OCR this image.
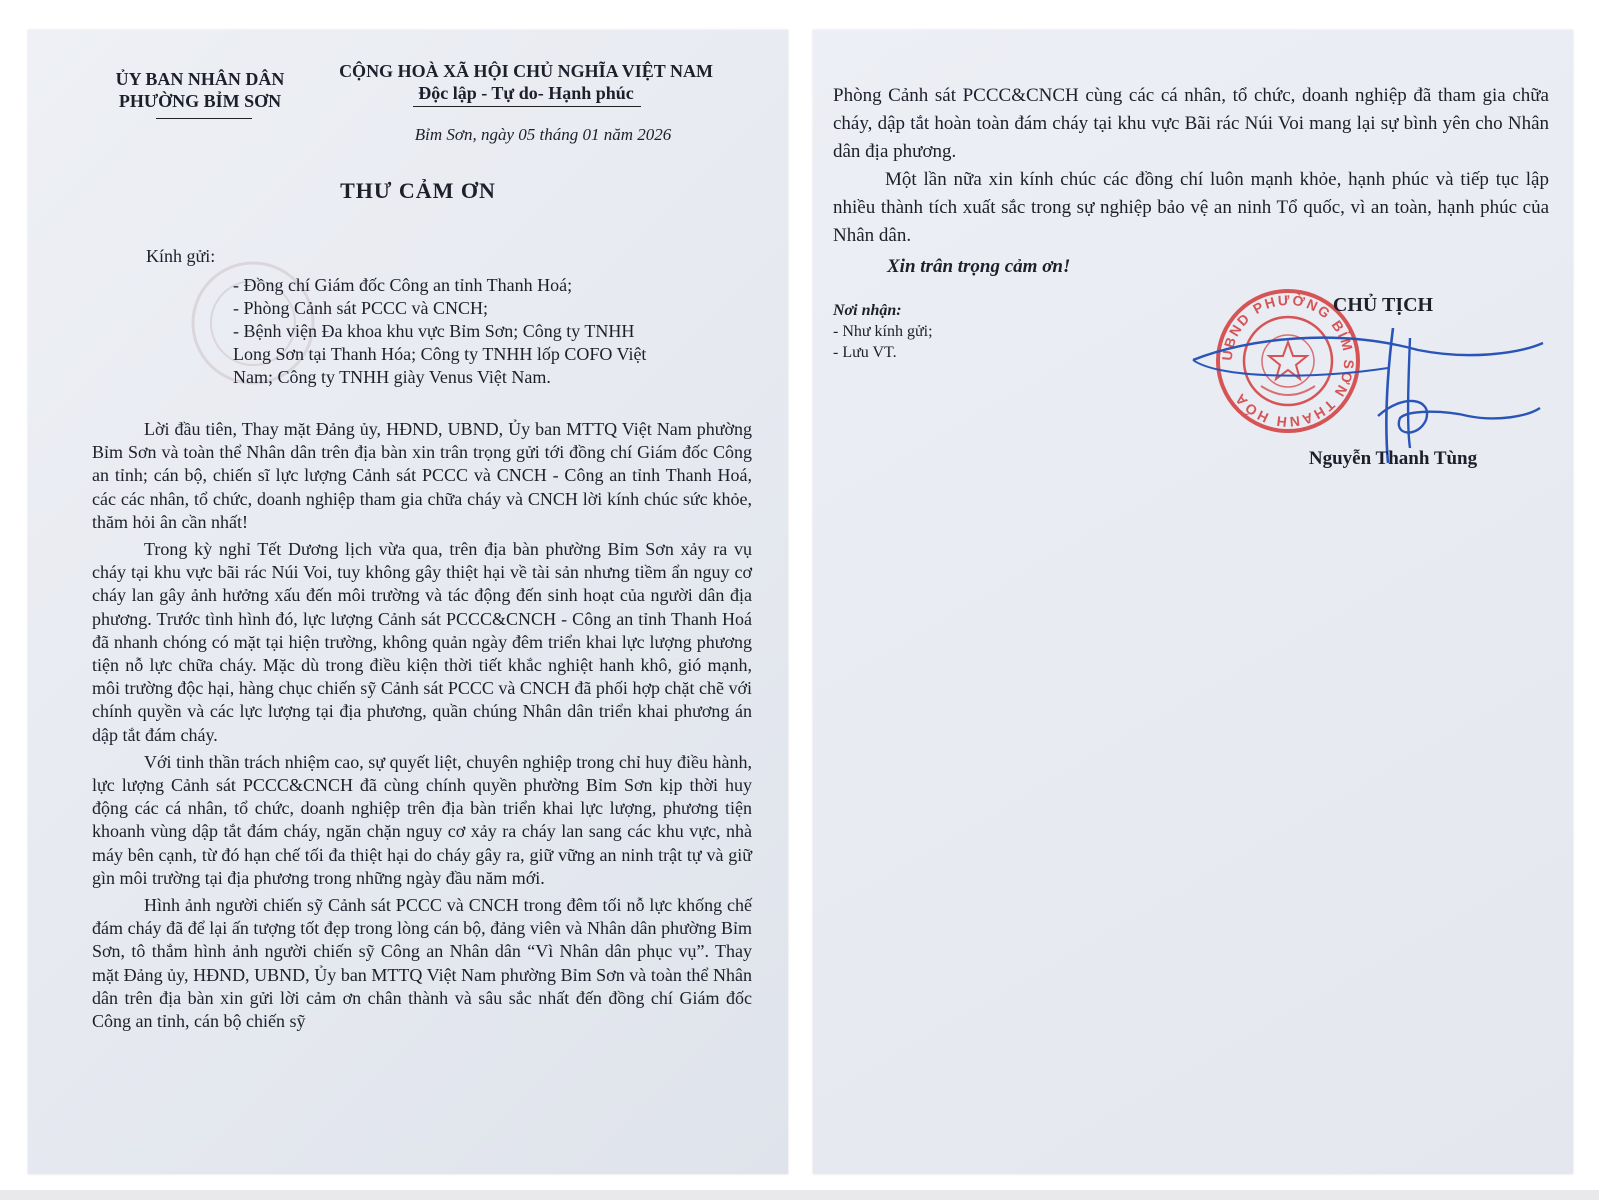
ỦY BAN NHÂN DÂN
PHƯỜNG BỈM SƠN
CỘNG HOÀ XÃ HỘI CHỦ NGHĨA VIỆT NAM
Độc lập - Tự do- Hạnh phúc
Bỉm Sơn, ngày 05 tháng 01 năm 2026
THƯ CẢM ƠN
Kính gửi:
- Đồng chí Giám đốc Công an tỉnh Thanh Hoá;
- Phòng Cảnh sát PCCC và CNCH;
- Bệnh viện Đa khoa khu vực Bỉm Sơn; Công ty TNHH
Long Sơn tại Thanh Hóa; Công ty TNHH lốp COFO Việt
Nam; Công ty TNHH giày Venus Việt Nam.

Lời đầu tiên, Thay mặt Đảng ủy, HĐND, UBND, Ủy ban MTTQ Việt Nam phường Bỉm Sơn và toàn thể Nhân dân trên địa bàn xin trân trọng gửi tới đồng chí Giám đốc Công an tỉnh; cán bộ, chiến sĩ lực lượng Cảnh sát PCCC và CNCH - Công an tỉnh Thanh Hoá, các các nhân, tổ chức, doanh nghiệp tham gia chữa cháy và CNCH lời kính chúc sức khỏe, thăm hỏi ân cần nhất!

Trong kỳ nghỉ Tết Dương lịch vừa qua, trên địa bàn phường Bỉm Sơn xảy ra vụ cháy tại khu vực bãi rác Núi Voi, tuy không gây thiệt hại về tài sản nhưng tiềm ẩn nguy cơ cháy lan gây ảnh hưởng xấu đến môi trường và tác động đến sinh hoạt của người dân địa phương. Trước tình hình đó, lực lượng Cảnh sát PCCC&CNCH - Công an tỉnh Thanh Hoá đã nhanh chóng có mặt tại hiện trường, không quản ngày đêm triển khai lực lượng phương tiện nỗ lực chữa cháy. Mặc dù trong điều kiện thời tiết khắc nghiệt hanh khô, gió mạnh, môi trường độc hại, hàng chục chiến sỹ Cảnh sát PCCC và CNCH đã phối hợp chặt chẽ với chính quyền và các lực lượng tại địa phương, quần chúng Nhân dân triển khai phương án dập tắt đám cháy.

Với tinh thần trách nhiệm cao, sự quyết liệt, chuyên nghiệp trong chỉ huy điều hành, lực lượng Cảnh sát PCCC&CNCH đã cùng chính quyền phường Bỉm Sơn kịp thời huy động các cá nhân, tổ chức, doanh nghiệp trên địa bàn triển khai lực lượng, phương tiện khoanh vùng dập tắt đám cháy, ngăn chặn nguy cơ xảy ra cháy lan sang các khu vực, nhà máy bên cạnh, từ đó hạn chế tối đa thiệt hại do cháy gây ra, giữ vững an ninh trật tự và giữ gìn môi trường tại địa phương trong những ngày đầu năm mới.

Hình ảnh người chiến sỹ Cảnh sát PCCC và CNCH trong đêm tối nỗ lực khống chế đám cháy đã để lại ấn tượng tốt đẹp trong lòng cán bộ, đảng viên và Nhân dân phường Bỉm Sơn, tô thắm hình ảnh người chiến sỹ Công an Nhân dân “Vì Nhân dân phục vụ”. Thay mặt Đảng ủy, HĐND, UBND, Ủy ban MTTQ Việt Nam phường Bỉm Sơn và toàn thể Nhân dân trên địa bàn xin gửi lời cảm ơn chân thành và sâu sắc nhất đến đồng chí Giám đốc Công an tỉnh, cán bộ chiến sỹ

Phòng Cảnh sát PCCC&CNCH cùng các cá nhân, tổ chức, doanh nghiệp đã tham gia chữa cháy, dập tắt hoàn toàn đám cháy tại khu vực Bãi rác Núi Voi mang lại sự bình yên cho Nhân dân địa phương.

Một lần nữa xin kính chúc các đồng chí luôn mạnh khỏe, hạnh phúc và tiếp tục lập nhiều thành tích xuất sắc trong sự nghiệp bảo vệ an ninh Tổ quốc, vì an toàn, hạnh phúc của Nhân dân.

Xin trân trọng cảm ơn!
Nơi nhận:
- Như kính gửi;
- Lưu VT.	UBND PHƯỜNG BỈM SƠN THANH HÓA
CHỦ TỊCH
Nguyễn Thanh Tùng
